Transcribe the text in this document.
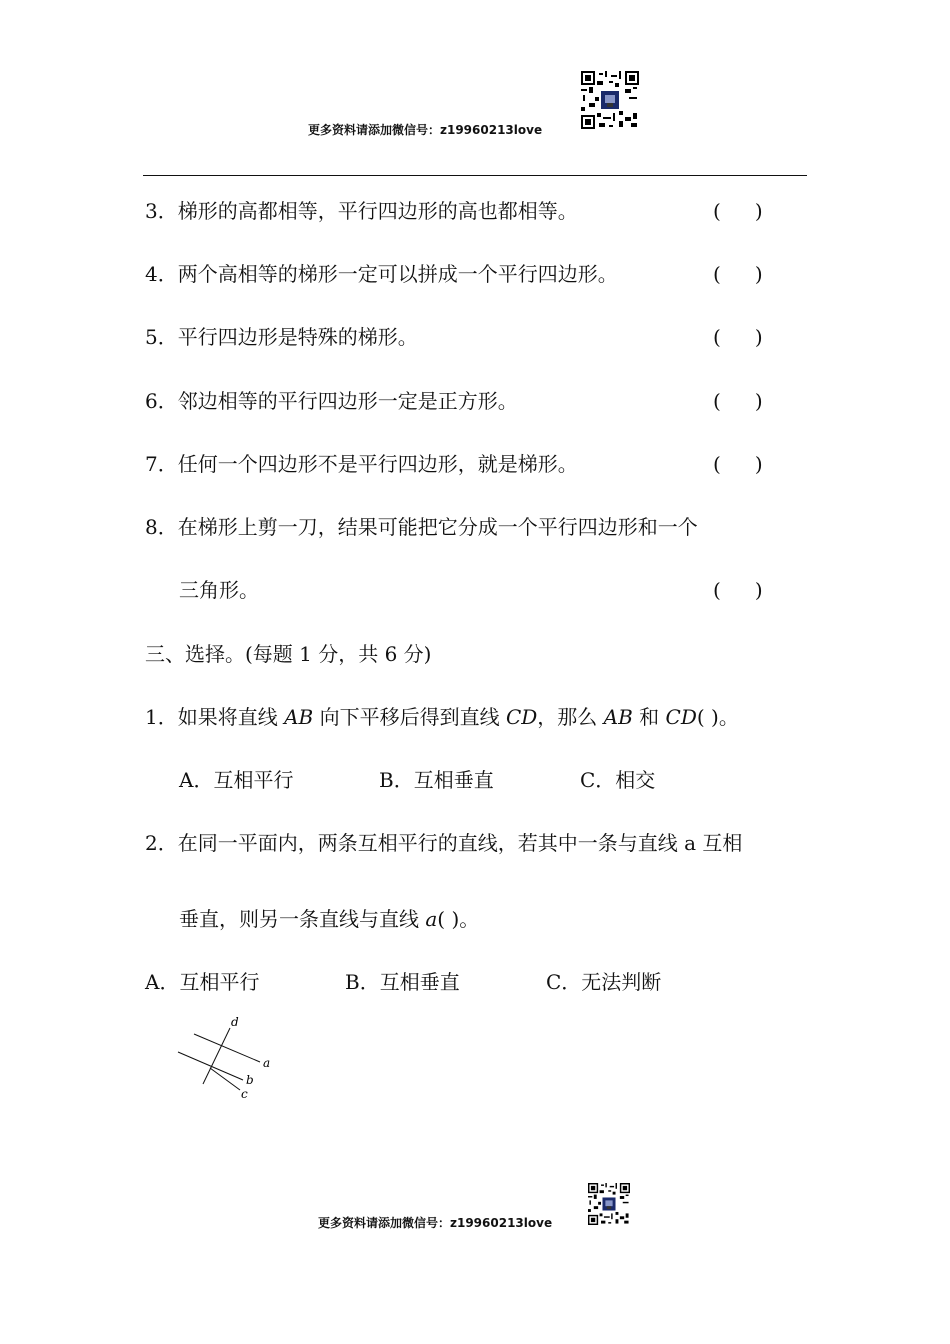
更多资料请添加微信号：z19960213love
3．梯形的高都相等，平行四边形的高也都相等。	( )
4．两个高相等的梯形一定可以拼成一个平行四边形。	( )
5．平行四边形是特殊的梯形。	( )
6．邻边相等的平行四边形一定是正方形。	( )
7．任何一个四边形不是平行四边形，就是梯形。	( )
8．在梯形上剪一刀，结果可能把它分成一个平行四边形和一个
三角形。	( )
三、选择。(每题 1 分，共 6 分)
1．如果将直线 AB 向下平移后得到直线 CD，那么 AB 和 CD( )。
A．互相平行	B．互相垂直	C．相交
2．在同一平面内，两条互相平行的直线，若其中一条与直线 a 互相
垂直，则另一条直线与直线 a( )。
A．互相平行	B．互相垂直	C．无法判断
d
a
b
c
更多资料请添加微信号：z19960213love
